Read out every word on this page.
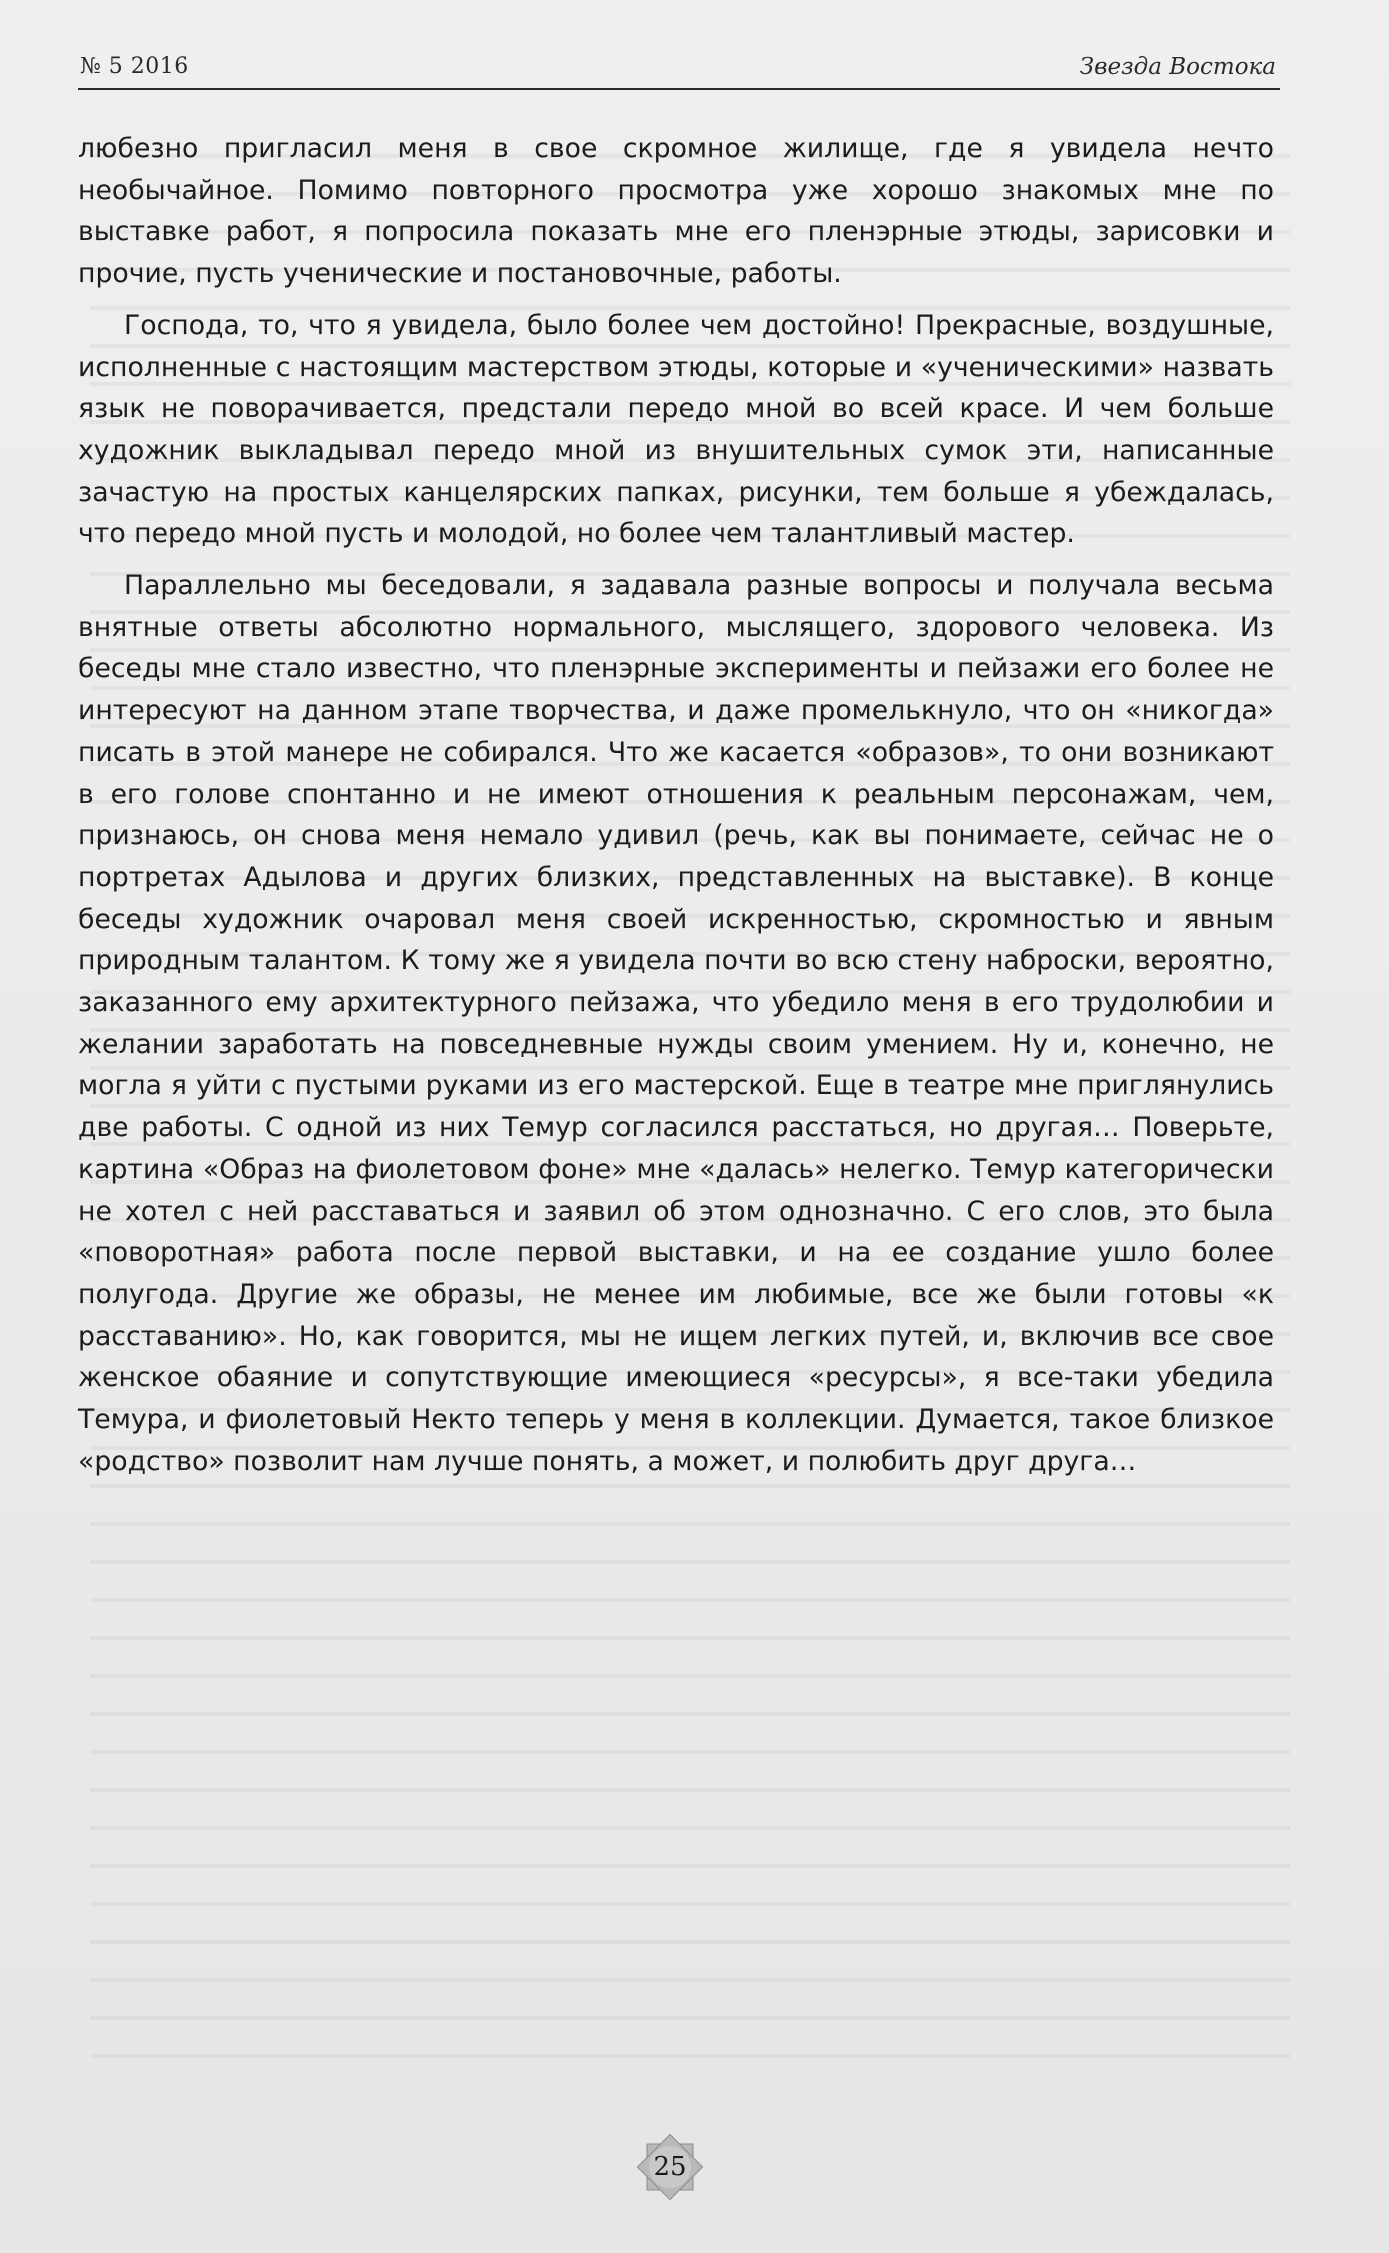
№ 5 2016	Звезда Востока

любезно пригласил меня в свое скромное жилище, где я увидела нечто необычайное. Помимо повторного просмотра уже хорошо знакомых мне по выставке работ, я попросила показать мне его пленэрные этюды, зарисовки и прочие, пусть ученические и постановочные, работы.

Господа, то, что я увидела, было более чем достойно! Прекрасные, воздушные, исполненные с настоящим мастерством этюды, которые и «ученическими» назвать язык не поворачивается, предстали передо мной во всей красе. И чем больше художник выкладывал передо мной из внушительных сумок эти, написанные зачастую на простых канцелярских папках, рисунки, тем больше я убеждалась, что передо мной пусть и молодой, но более чем талантливый мастер.

Параллельно мы беседовали, я задавала разные вопросы и получала весьма внятные ответы абсолютно нормального, мыслящего, здорового человека. Из беседы мне стало известно, что пленэрные эксперименты и пейзажи его более не интересуют на данном этапе творчества, и даже промелькнуло, что он «никогда» писать в этой манере не собирался. Что же касается «образов», то они возникают в его голове спонтанно и не имеют отношения к реальным персонажам, чем, признаюсь, он снова меня немало удивил (речь, как вы понимаете, сейчас не о портретах Адылова и других близких, представленных на выставке). В конце беседы художник очаровал меня своей искренностью, скромностью и явным природным талантом. К тому же я увидела почти во всю стену наброски, вероятно, заказанного ему архитектурного пейзажа, что убедило меня в его трудолюбии и желании заработать на повседневные нужды своим умением. Ну и, конечно, не могла я уйти с пустыми руками из его мастерской. Еще в театре мне приглянулись две работы. С одной из них Темур согласился расстаться, но другая… Поверьте, картина «Образ на фиолетовом фоне» мне «далась» нелегко. Темур категорически не хотел с ней расставаться и заявил об этом однозначно. С его слов, это была «поворотная» работа после первой выставки, и на ее создание ушло более полугода. Другие же образы, не менее им любимые, все же были готовы «к расставанию». Но, как говорится, мы не ищем легких путей, и, включив все свое женское обаяние и сопутствующие имеющиеся «ресурсы», я все-таки убедила Темура, и фиолетовый Некто теперь у меня в коллекции. Думается, такое близкое «родство» позволит нам лучше понять, а может, и полюбить друг друга…

25
